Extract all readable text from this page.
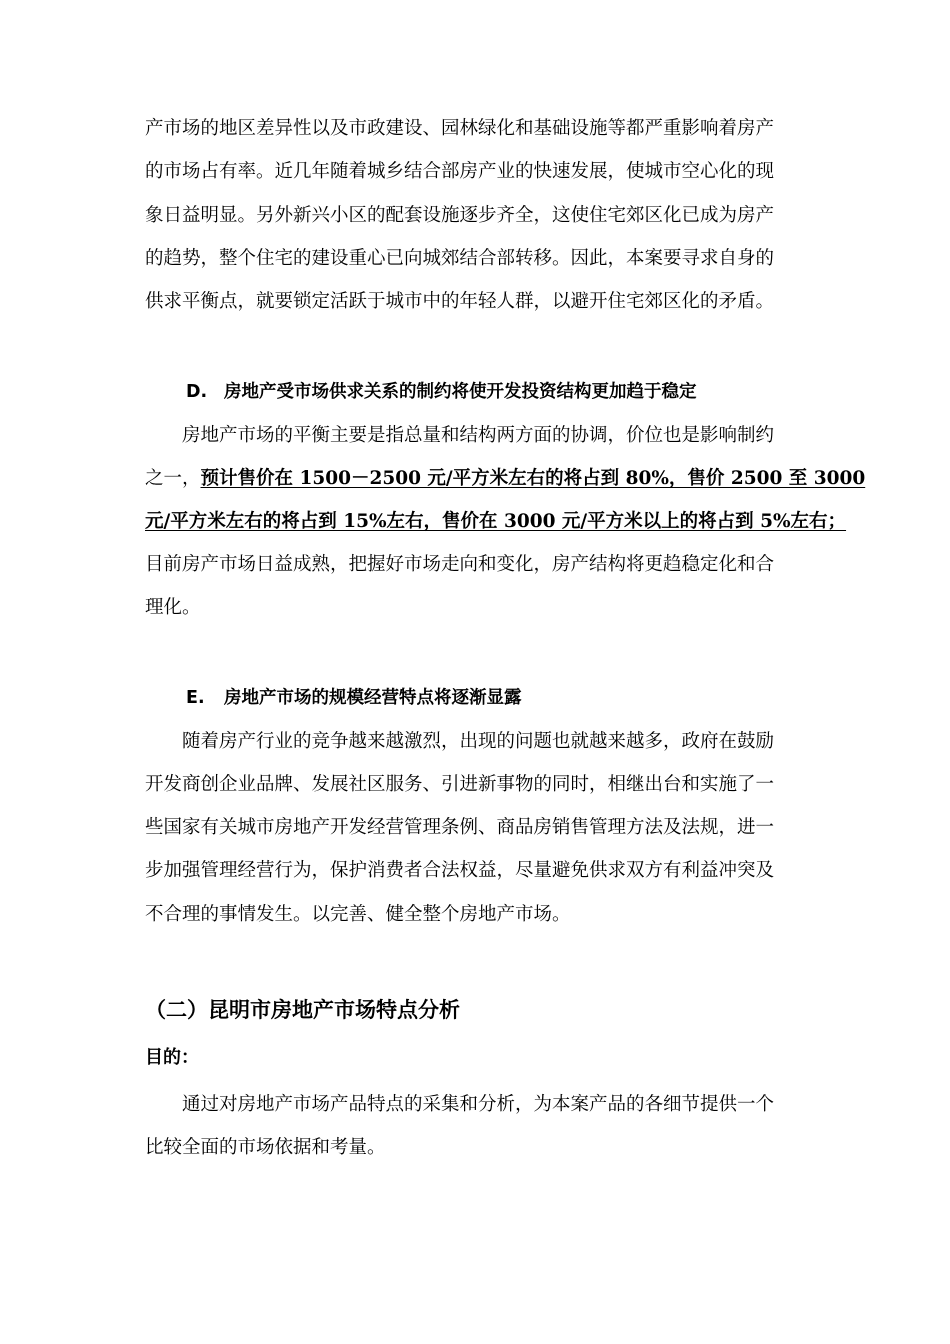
产市场的地区差异性以及市政建设、园林绿化和基础设施等都严重影响着房产
的市场占有率。近几年随着城乡结合部房产业的快速发展，使城市空心化的现
象日益明显。另外新兴小区的配套设施逐步齐全，这使住宅郊区化已成为房产
的趋势，整个住宅的建设重心已向城郊结合部转移。因此，本案要寻求自身的
供求平衡点，就要锁定活跃于城市中的年轻人群，以避开住宅郊区化的矛盾。
D. 房地产受市场供求关系的制约将使开发投资结构更加趋于稳定
房地产市场的平衡主要是指总量和结构两方面的协调，价位也是影响制约
之一，预计售价在 1500－2500 元/平方米左右的将占到 80%，售价 2500 至 3000
元/平方米左右的将占到 15%左右，售价在 3000 元/平方米以上的将占到 5%左右；
目前房产市场日益成熟，把握好市场走向和变化，房产结构将更趋稳定化和合
理化。
E. 房地产市场的规模经营特点将逐渐显露
随着房产行业的竞争越来越激烈，出现的问题也就越来越多，政府在鼓励
开发商创企业品牌、发展社区服务、引进新事物的同时，相继出台和实施了一
些国家有关城市房地产开发经营管理条例、商品房销售管理方法及法规，进一
步加强管理经营行为，保护消费者合法权益，尽量避免供求双方有利益冲突及
不合理的事情发生。以完善、健全整个房地产市场。
（二）昆明市房地产市场特点分析
目的：
通过对房地产市场产品特点的采集和分析，为本案产品的各细节提供一个
比较全面的市场依据和考量。
